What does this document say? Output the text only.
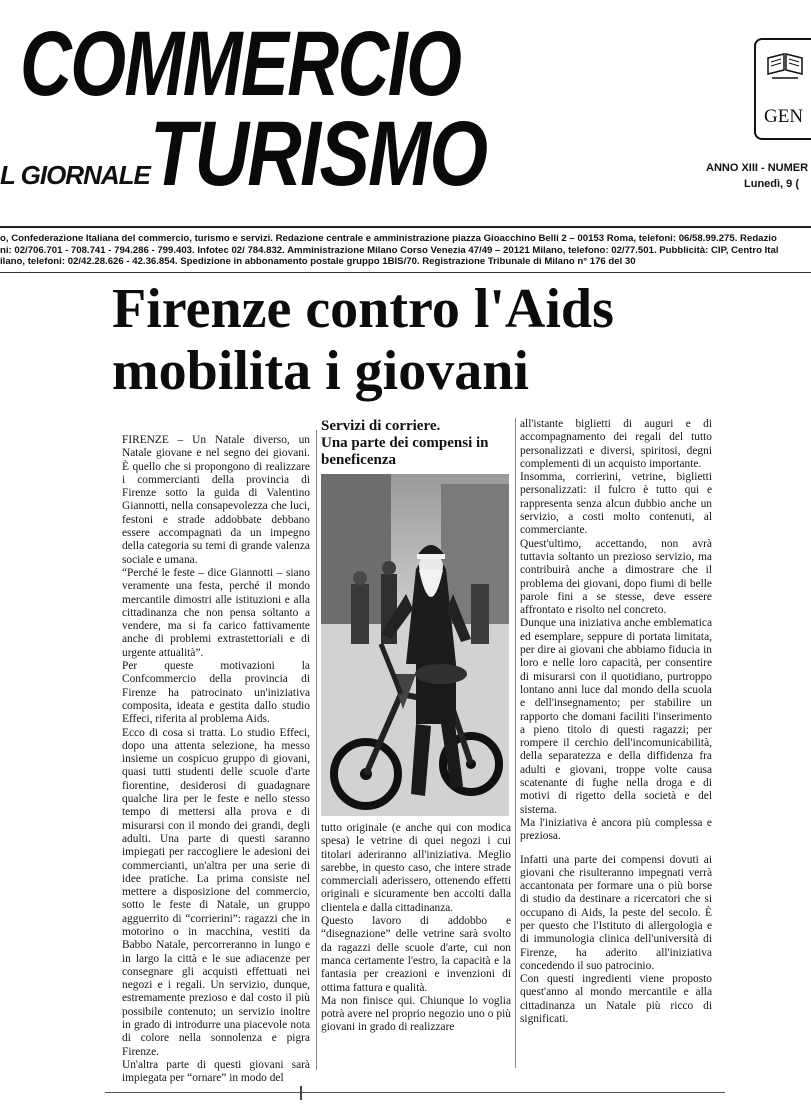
COMMERCIO
TURISMO
L GIORNALE
GEN
ANNO XIII - NUMER
Lunedì, 9 (
o, Confederazione Italiana del commercio, turismo e servizi. Redazione centrale e amministrazione piazza Gioacchino Belli 2 – 00153 Roma, telefoni: 06/58.99.275. Redazio
ni: 02/706.701 - 708.741 - 794.286 - 799.403. Infotec 02/ 784.832. Amministrazione Milano Corso Venezia 47/49 – 20121 Milano, telefono: 02/77.501. Pubblicità: CIP, Centro Ital
ilano, telefoni: 02/42.28.626 - 42.36.854. Spedizione in abbonamento postale gruppo 1BIS/70. Registrazione Tribunale di Milano n° 176 del 30
Firenze contro l'Aids
mobilita i giovani

FIRENZE – Un Natale diverso, un Natale giovane e nel segno dei giovani. È quello che si propongono di realizzare i commercianti della provincia di Firenze sotto la guida di Valentino Giannotti, nella consapevolezza che luci, festoni e strade addobbate debbano essere accompagnati da un impegno della categoria su temi di grande valenza sociale e umana.

“Perché le feste – dice Giannotti – siano veramente una festa, perché il mondo mercantile dimostri alle istituzioni e alla cittadinanza che non pensa soltanto a vendere, ma si fa carico fattivamente anche di problemi extrastettoriali e di urgente attualità”.

Per queste motivazioni la Confcommercio della provincia di Firenze ha patrocinato un'iniziativa composita, ideata e gestita dallo studio Effeci, riferita al problema Aids.

Ecco di cosa si tratta. Lo studio Effeci, dopo una attenta selezione, ha messo insieme un cospicuo gruppo di giovani, quasi tutti studenti delle scuole d'arte fiorentine, desiderosi di guadagnare qualche lira per le feste e nello stesso tempo di mettersi alla prova e di misurarsi con il mondo dei grandi, degli adulti. Una parte di questi saranno impiegati per raccogliere le adesioni dei commercianti, un'altra per una serie di idee pratiche. La prima consiste nel mettere a disposizione del commercio, sotto le feste di Natale, un gruppo agguerrito di “corrierini”: ragazzi che in motorino o in macchina, vestiti da Babbo Natale, percorreranno in lungo e in largo la città e le sue adiacenze per consegnare gli acquisti effettuati nei negozi e i regali. Un servizio, dunque, estremamente prezioso e dal costo il più possibile contenuto; un servizio inoltre in grado di introdurre una piacevole nota di colore nella sonnolenza e pigra Firenze.

Un'altra parte di questi giovani sarà impiegata per “ornare” in modo del

Servizi di corriere.
Una parte dei compensi in
beneficenza

tutto originale (e anche qui con modica spesa) le vetrine di quei negozi i cui titolari aderiranno all'iniziativa. Meglio sarebbe, in questo caso, che intere strade commerciali aderissero, ottenendo effetti originali e sicuramente ben accolti dalla clientela e dalla cittadinanza.

Questo lavoro di addobbo e “disegnazione” delle vetrine sarà svolto da ragazzi delle scuole d'arte, cui non manca certamente l'estro, la capacità e la fantasia per creazioni e invenzioni di ottima fattura e qualità.

Ma non finisce qui. Chiunque lo voglia potrà avere nel proprio negozio uno o più giovani in grado di realizzare

all'istante biglietti di auguri e di accompagnamento dei regali del tutto personalizzati e diversi, spiritosi, degni complementi di un acquisto importante.

Insomma, corrierini, vetrine, biglietti personalizzati: il fulcro è tutto qui e rappresenta senza alcun dubbio anche un servizio, a costi molto contenuti, al commerciante.

Quest'ultimo, accettando, non avrà tuttavia soltanto un prezioso servizio, ma contribuirà anche a dimostrare che il problema dei giovani, dopo fiumi di belle parole fini a se stesse, deve essere affrontato e risolto nel concreto.

Dunque una iniziativa anche emblematica ed esemplare, seppure di portata limitata, per dire ai giovani che abbiamo fiducia in loro e nelle loro capacità, per consentire di misurarsi con il quotidiano, purtroppo lontano anni luce dal mondo della scuola e dell'insegnamento; per stabilire un rapporto che domani faciliti l'inserimento a pieno titolo di questi ragazzi; per rompere il cerchio dell'incomunicabilità, della separatezza e della diffidenza fra adulti e giovani, troppe volte causa scatenante di fughe nella droga e di motivi di rigetto della società e del sistema.

Ma l'iniziativa è ancora più complessa e preziosa.

Infatti una parte dei compensi dovuti ai giovani che risulteranno impegnati verrà accantonata per formare una o più borse di studio da destinare a ricercatori che si occupano di Aids, la peste del secolo. È per questo che l'Istituto di allergologia e di immunologia clinica dell'università di Firenze, ha aderito all'iniziativa concedendo il suo patrocinio.

Con questi ingredienti viene proposto quest'anno al mondo mercantile e alla cittadinanza un Natale più ricco di significati.
